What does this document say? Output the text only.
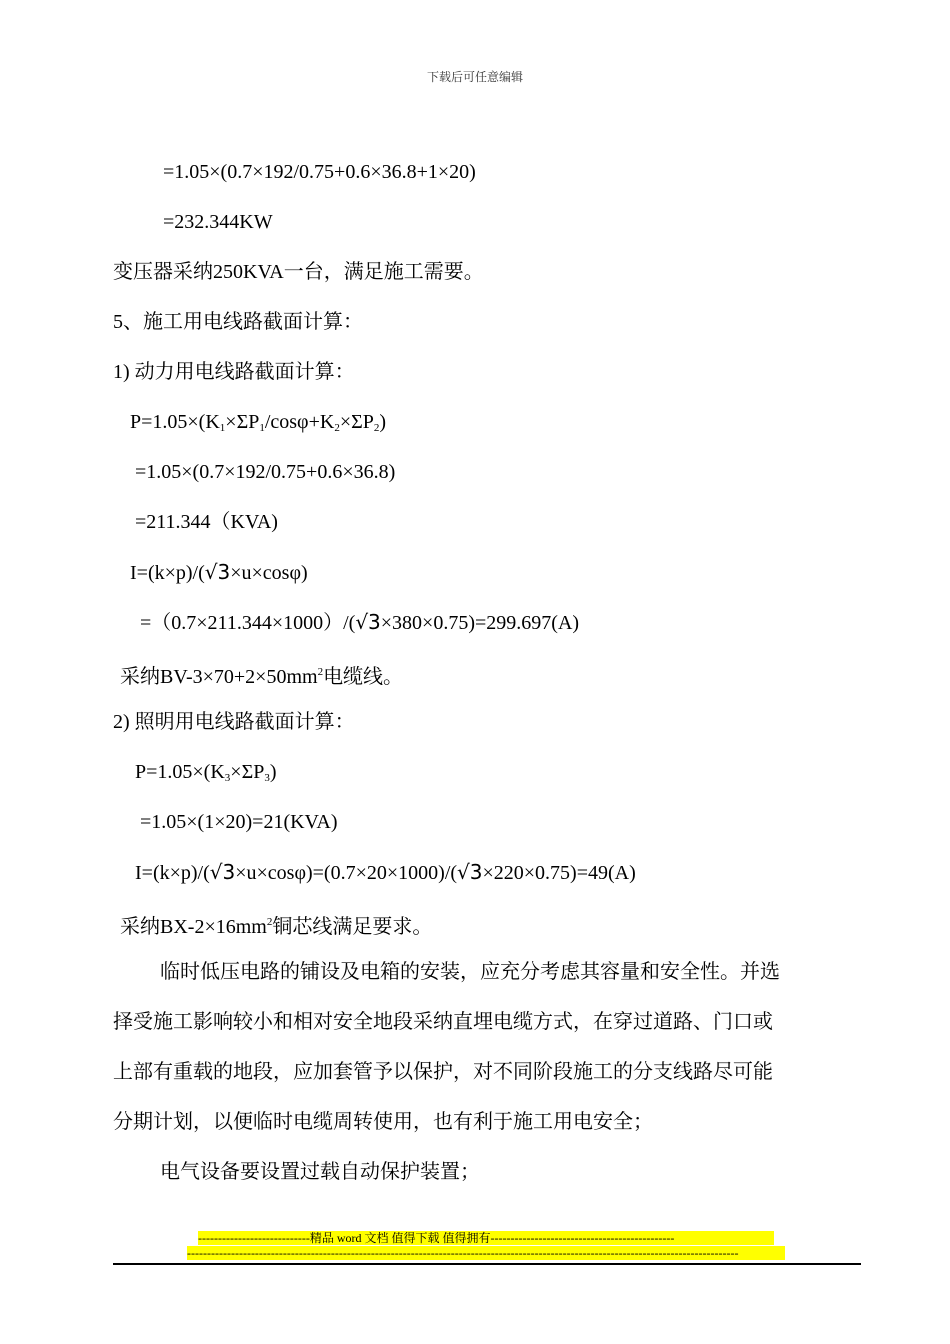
下载后可任意编辑
=1.05×(0.7×192/0.75+0.6×36.8+1×20)
=232.344KW
变压器采纳250KVA一台，满足施工需要。
5、施工用电线路截面计算：
1) 动力用电线路截面计算：
$P=1.05\times(K_1\times\Sigma P_1/\cos\varphi+K_2\times\Sigma P_2)$
=1.05×(0.7×192/0.75+0.6×36.8)
=211.344（KVA)
I=(k×p)/(√3×u×cosφ)
=（0.7×211.344×1000）/(√3×380×0.75)=299.697(A)
采纳$BV-3\times 70+2\times 50mm^2$电缆线。
2) 照明用电线路截面计算：
$P=1.05\times(K_3\times\Sigma P_3)$
=1.05×(1×20)=21(KVA)
I=(k×p)/(√3×u×cosφ)=(0.7×20×1000)/(√3×220×0.75)=49(A)
采纳$BX-2\times 16mm^2$铜芯线满足要求。
临时低压电路的铺设及电箱的安装，应充分考虑其容量和安全性。并选
择受施工影响较小和相对安全地段采纳直埋电缆方式，在穿过道路、门口或
上部有重载的地段，应加套管予以保护，对不同阶段施工的分支线路尽可能
分期计划，以便临时电缆周转使用，也有利于施工用电安全；
电气设备要设置过载自动保护装置；
----------------------------精品 word 文档 值得下载 值得拥有----------------------------------------------
------------------------------------------------------------------------------------------------------------------------------------------
